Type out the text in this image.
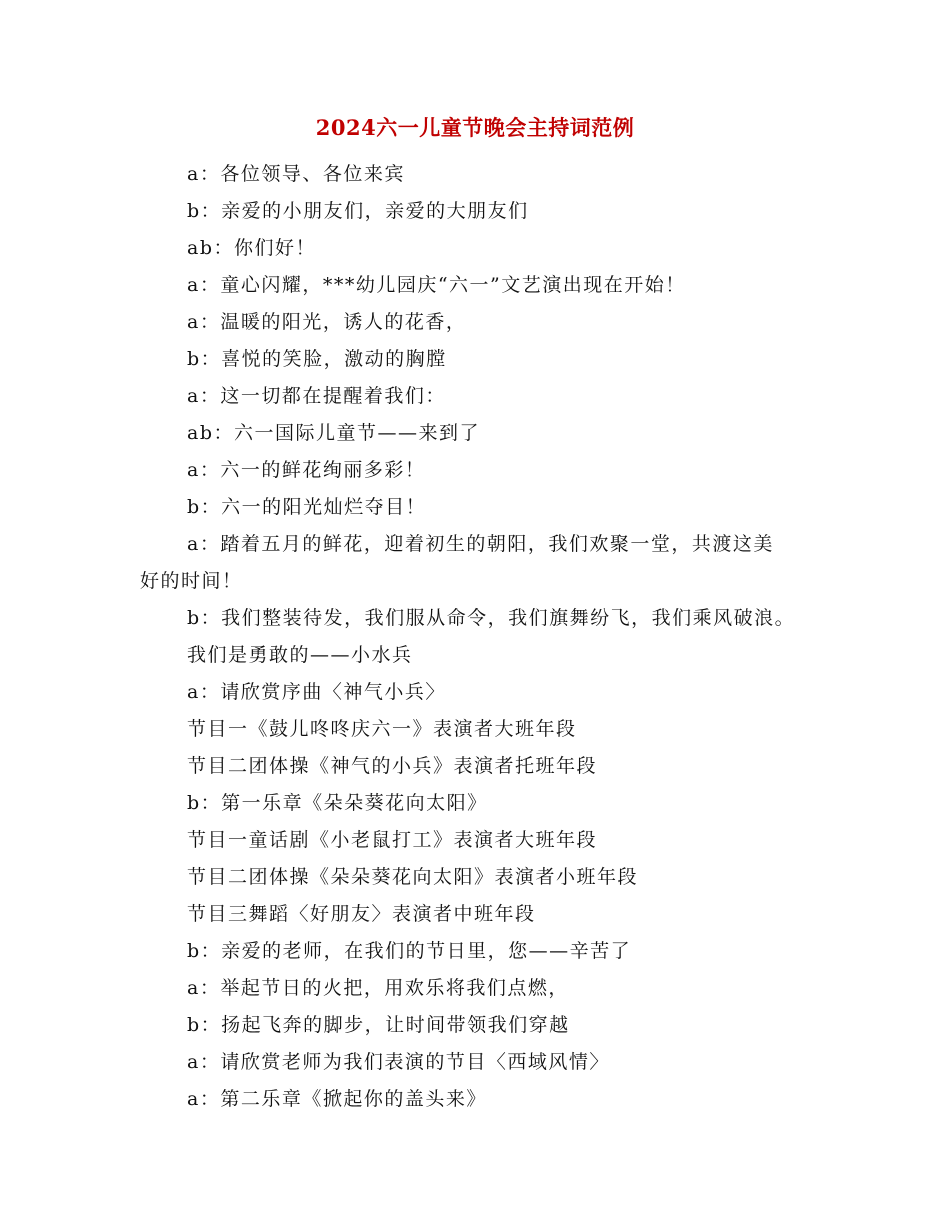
2024六一儿童节晚会主持词范例
a：各位领导、各位来宾
b：亲爱的小朋友们，亲爱的大朋友们
ab：你们好！
a：童心闪耀，***幼儿园庆“六一”文艺演出现在开始！
a：温暖的阳光，诱人的花香，
b：喜悦的笑脸，激动的胸膛
a：这一切都在提醒着我们：
ab：六一国际儿童节——来到了
a：六一的鲜花绚丽多彩！
b：六一的阳光灿烂夺目！
a：踏着五月的鲜花，迎着初生的朝阳，我们欢聚一堂，共渡这美
好的时间！
b：我们整装待发，我们服从命令，我们旗舞纷飞，我们乘风破浪。
我们是勇敢的——小水兵
a：请欣赏序曲〈神气小兵〉
节目一《鼓儿咚咚庆六一》表演者大班年段
节目二团体操《神气的小兵》表演者托班年段
b：第一乐章《朵朵葵花向太阳》
节目一童话剧《小老鼠打工》表演者大班年段
节目二团体操《朵朵葵花向太阳》表演者小班年段
节目三舞蹈〈好朋友〉表演者中班年段
b：亲爱的老师，在我们的节日里，您——辛苦了
a：举起节日的火把，用欢乐将我们点燃，
b：扬起飞奔的脚步，让时间带领我们穿越
a：请欣赏老师为我们表演的节目〈西域风情〉
a：第二乐章《掀起你的盖头来》
